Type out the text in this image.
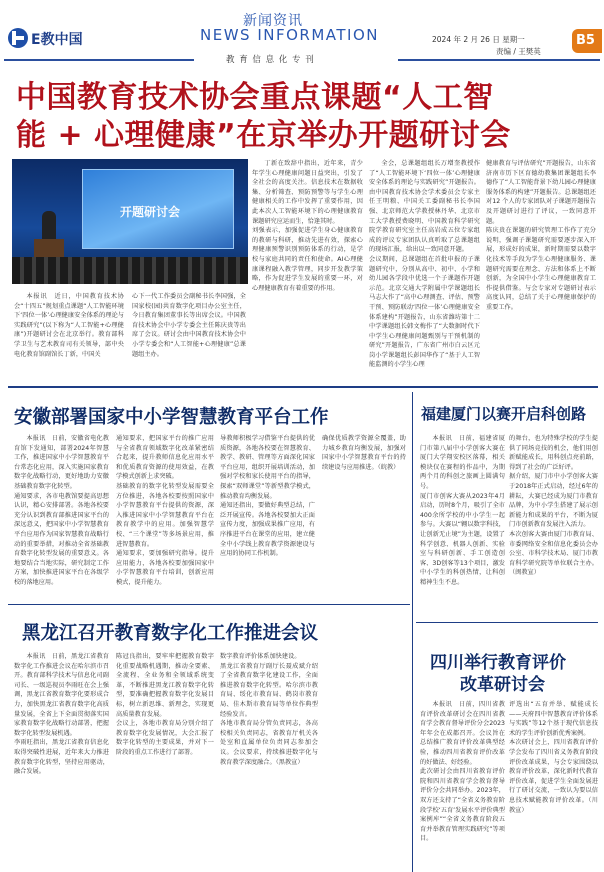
E教中国
新闻资讯
NEWS INFORMATION	2024 年 2 月 26 日 星期一
责编 / 王樊英
B5
教 育 信 息 化 专 刊
中国教育技术协会重点课题“人工智
能 + 心理健康”在京举办开题研讨会
开题研讨会
本报讯　近日，中国教育技术协会“十四五”规划重点课题“人工智能环境下‘四位一体’心理健康安全体系的理论与实践研究”(以下称为“人工智能+心理健康”)开题研讨会在北京举行。教育部科学卫生与艺术教育司有关领导，部中央电化教育馆副馆长丁新，中国关
心下一代工作委员会副秘书长李国强，全国家校(园)共育数字化项目办公室主任，今日教育集团董事长等出席会议。中国教育技术协会中小学专委会主任陈庆贵等出席了会议。研讨会由中国教育技术协会中小学专委会和“人工智能+心理健康”总课题组主办。
丁新在致辞中指出，近年来，青少年学生心理健康问题日益突出，引发了全社会的高度关注。信息技术在数据收集、分析筛查、预防预警等与学生心理健康相关的工作中发挥了重要作用，因此本次人工智能环境下的心理健康教育课题研究应运而生，恰逢其时。
刘强表示，加强促进学生身心健康教育的教研与科研，推动先进有效，探索心理健康预警识别预防体系的行动，是学校与家庭共同的责任和使命。AI心理健康课程融入教学管理，同步开发教学策略，作为促进学生发展的重要一环，对心理健康教育有着重要的作用。
全会，总课题组组长万增奎教授作了“人工智能环境下‘四位一体’心理健康安全体系的理论与实践研究”开题报告。由中国教育技术协会学术委员会专家主任王明粮、中国关工委副秘书长李国强、北京师范大学教授林丹华、北京市工大学教授费晓明、中国教育科学研究院学教育研究室主任高岩成五位专家组成的评议专家团队认真听取了总课题组的现场汇报，给出以一致同意开题。
会议期间，总课题组在首批申报的子课题研究中，分别从高中、初中、小学和幼儿园各学段中优选一个子课题作开题示范。北京交通大学附属中学课题组长马志大作了“高中心理测查、评估、预警干预、预防联动‘四位一体’心理健康安全体系建构”开题报告，山东省潍坊第十二中学课题组长韩文梅作了“大数据时代下中学生心理健康问题甄别与干预机制的研究”开题报告，广东省广州市白云区元岗小学课题组长彭国华作了“基于人工智能监测的小学生心理
健康教育与评估研究”开题报告，山东省济南市历下区育德幼教集团课题组长李德作了“人工智能背景下幼儿园心理健康服务体系的构建”开题报告。总课题组还对12 个人的专家团队对子课题开题报告及开题研讨进行了评议，一致同意开题。
陈庆贵在课题的研究管理工作作了充分说明，强调子课题研究需要逐步深入开展，形成好的成果，新时期需要以数字化技术等手段为学生心理健康服务、课题研究需要在理念、方法和体系上不断创新，为全国中小学生心理健康教育工作提供借鉴。与会专家对专题研讨表示高度认同，总结了关于心理健康保护的重要工作。
安徽部署国家中小学智慧教育平台工作
本报讯　日前，安徽省电化教育馆下发通知，部署2024年智慧工作，推进国家中小学智慧教育平台常态化应用，深入实施国家教育数字化战略行动，更好地助力安徽基础教育数字化转型。
通知要求，各市电教馆要提高思想认识，精心安排部署。各地各校要充分认识到教育部推进国家平台的深远意义，把国家中小学智慧教育平台应用作为国家智慧教育战略行动的重要举措，对推动全省基础教育数字化转型发展的重要意义。各地要结合当地实际，研究制定工作方案，加快推进国家平台在各级学校的落地应用。
通知要求，把国家平台的推广应用与全省教育领域数字化改革紧密结合起来，提升教师信息化应用水平和优质教育资源的使用效益，在教学模式创新上求突破。
基础教育的数字化转型发展需要全方位推进，各地各校要按照国家中小学智慧教育平台提供的资源，深入推进国家中小学智慧教育平台在教育教学中的应用。加强智慧学校、“三个课堂”等多场景应用，推进智慧教育。
通知要求，要加强研究指导。提升应用能力，各地各校要加强国家中小学智慧教育平台培训，创新应用模式，提升能力。
导教师积极学习借鉴平台提供的优质资源，各地各校要在智慧教育、教学、教研、管理等方面深化国家平台应用，组织开展培训活动，加强对学校和家长使用平台的指导，探索“双师课堂”等新型教学模式，推动教育均衡发展。
通知还指出，要做好典型总结，广泛开展宣传。各地各校要加大正面宣传力度，加强成果推广应用，有序推进平台在课堂的应用，建立健全中小学线上教育教学资源建设与应用的协同工作机制。
确保优质教学资源全覆盖，助力城乡教育均衡发展，加强对国家中小学智慧教育平台的持续建设与应用推进。（皖教）
福建厦门以赛开启科创路
本报讯　日前，福建省厦门市第八届中小学创客大赛在厦门大学翔安校区落幕，相关模块仅在赛程的作品中，为期两个月的科创之旅画上圆满句号。
厦门市创客大赛从2023年4月启动，历时8个月，吸引了全市400余所学校的中小学生一起参与。大赛以“翱以数字科技，让创新无止境”为主题，设置了科学创意、机器人创新、实验室与科研创新、手工创造创客、3D创客等13个项目，激发中小学生的科创热情，让科创精神生生不息。
的舞台，也为特殊学校的学生提供了同场竞技的机会，他们用创新赋能成长，用科创点亮前路，得到了社会的广泛好评。
据介绍，厦门市中小学创客大赛于2018年正式启动，经过6年的耕耘，大赛已经成为厦门市教育品牌，为中小学生搭建了展示创新能力和成果的平台，不断为厦门市创新教育发展注入活力。
本次创客大赛由厦门市教育局、市委网络安全和信息化委员会办公室、市科学技术局、厦门市教育科学研究院等单位联合主办。（闽教宣）
黑龙江召开教育数字化工作推进会议
本报讯　日前，黑龙江省教育数字化工作推进会议在哈尔滨市召开。教育部科学技术与信息化司副司长、一级巡视员李雨旺在会上强调，黑龙江省教育数字化要形成合力，加快黑龙江省教育数字化高质量发展，全省上下全面贯彻落实国家教育数字化战略行动部署，把握数字化转型发展机遇。
李雨旺指出，黑龙江省教育信息化取得突破性进展，近年来大力推进教育数字化转型，坚持应用驱动，融合发展。
陈冠良指出，要牢牢把握教育数字化重要战略机遇期，推动全要素、全流程、全业务和全领域系统变革，不断推进黑龙江教育数字化转型，要准确把握教育数字化发展目标，树立新思维、新理念，实现更高质量教育发展。
会议上，各地市教育局分别介绍了教育数字化发展情况，大会汇报了数字化转型的主要成果，并对下一阶段的重点工作进行了部署。
数字教育评价体系加快建设。
黑龙江省教育厅副厅长聂成斌介绍了全省教育数字化建设工作，全面推进教育数字化转型。哈尔滨市教育局、绥化市教育局、鹤岗市教育局、佳木斯市教育局等单位作典型经验发言。
各地市教育局分管负责同志，各高校相关负责同志，省教育厅机关各处室和直属单位负责同志参加会议。会议要求，持续推进数字化与教育教学深度融合。（黑教宣）
四川举行教育评价
改革研讨会
本报讯　日前，四川省教育评价改革研讨会在四川省教育学会教育督导评价分会2023年年会在成都召开。会议旨在总结推广教育评价改革典型经验，推动四川省教育评价改革的好做法、好经验。
此次研讨会由四川省教育评价院和四川省教育学会教育督导评价分会共同举办。2023年，双方还支持了“全省义务教育阶段学校‘五育’发展水平评价典型案例库”“全省义务教育阶段五育并举教育管理实践研究”等项目。
评选出“五育并举、赋能成长——天府四中智慧教育评价体系与实践”等12个基于现代信息技术的学生评价创新优秀案例。
本次研讨会上，四川省教育评价学会发布了四川省义务教育阶段评价改革成果，与会专家围绕以教育评价改革，深化新时代教育评价改革，促进学生全面发展进行了研讨交流，一致认为要以信息技术赋能教育评价改革。（川教宣）
